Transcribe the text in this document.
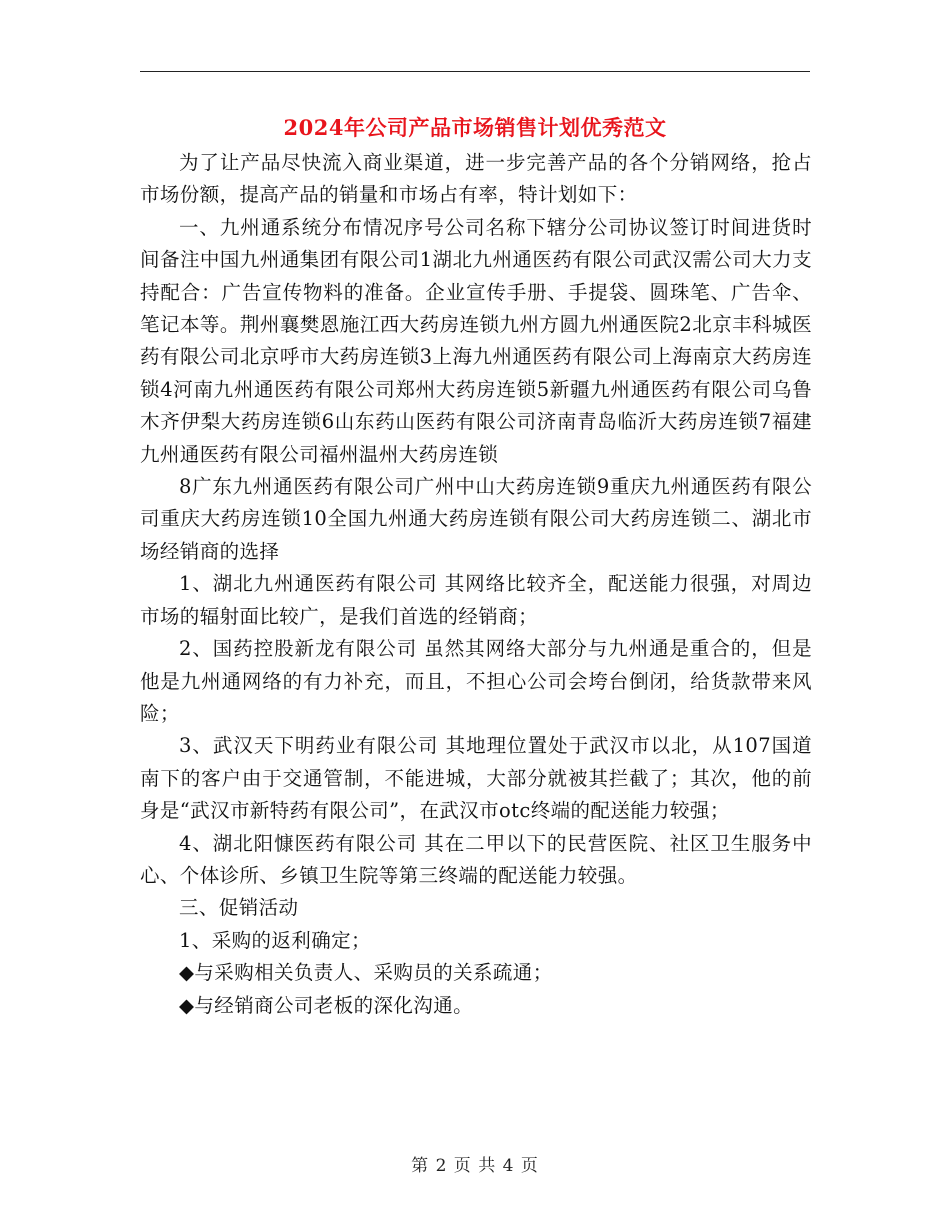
2024年公司产品市场销售计划优秀范文

为了让产品尽快流入商业渠道，进一步完善产品的各个分销网络，抢占市场份额，提高产品的销量和市场占有率，特计划如下：

一、九州通系统分布情况序号公司名称下辖分公司协议签订时间进货时间备注中国九州通集团有限公司1湖北九州通医药有限公司武汉需公司大力支持配合：广告宣传物料的准备。企业宣传手册、手提袋、圆珠笔、广告伞、笔记本等。荆州襄樊恩施江西大药房连锁九州方圆九州通医院2北京丰科城医药有限公司北京呼市大药房连锁3上海九州通医药有限公司上海南京大药房连锁4河南九州通医药有限公司郑州大药房连锁5新疆九州通医药有限公司乌鲁木齐伊梨大药房连锁6山东药山医药有限公司济南青岛临沂大药房连锁7福建九州通医药有限公司福州温州大药房连锁

8广东九州通医药有限公司广州中山大药房连锁9重庆九州通医药有限公司重庆大药房连锁10全国九州通大药房连锁有限公司大药房连锁二、湖北市场经销商的选择

1、湖北九州通医药有限公司 其网络比较齐全，配送能力很强，对周边市场的辐射面比较广，是我们首选的经销商；

2、国药控股新龙有限公司 虽然其网络大部分与九州通是重合的，但是他是九州通网络的有力补充，而且，不担心公司会垮台倒闭，给货款带来风险；

3、武汉天下明药业有限公司 其地理位置处于武汉市以北，从107国道南下的客户由于交通管制，不能进城，大部分就被其拦截了；其次，他的前身是“武汉市新特药有限公司”，在武汉市otc终端的配送能力较强；

4、湖北阳慷医药有限公司 其在二甲以下的民营医院、社区卫生服务中心、个体诊所、乡镇卫生院等第三终端的配送能力较强。

三、促销活动

1、采购的返利确定；

◆与采购相关负责人、采购员的关系疏通；

◆与经销商公司老板的深化沟通。

第 2 页 共 4 页
